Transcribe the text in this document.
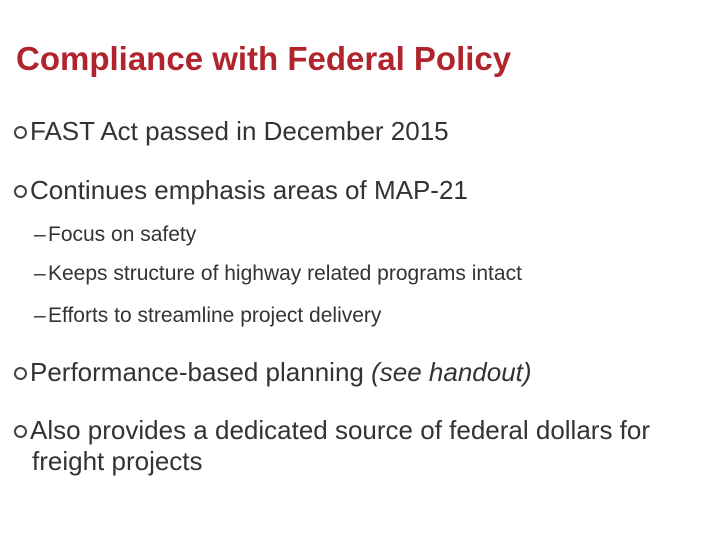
Compliance with Federal Policy
FAST Act passed in December 2015
Continues emphasis areas of MAP-21
– Focus on safety
– Keeps structure of highway related programs intact
– Efforts to streamline project delivery
Performance-based planning (see handout)
Also provides a dedicated source of federal dollars for
freight projects
